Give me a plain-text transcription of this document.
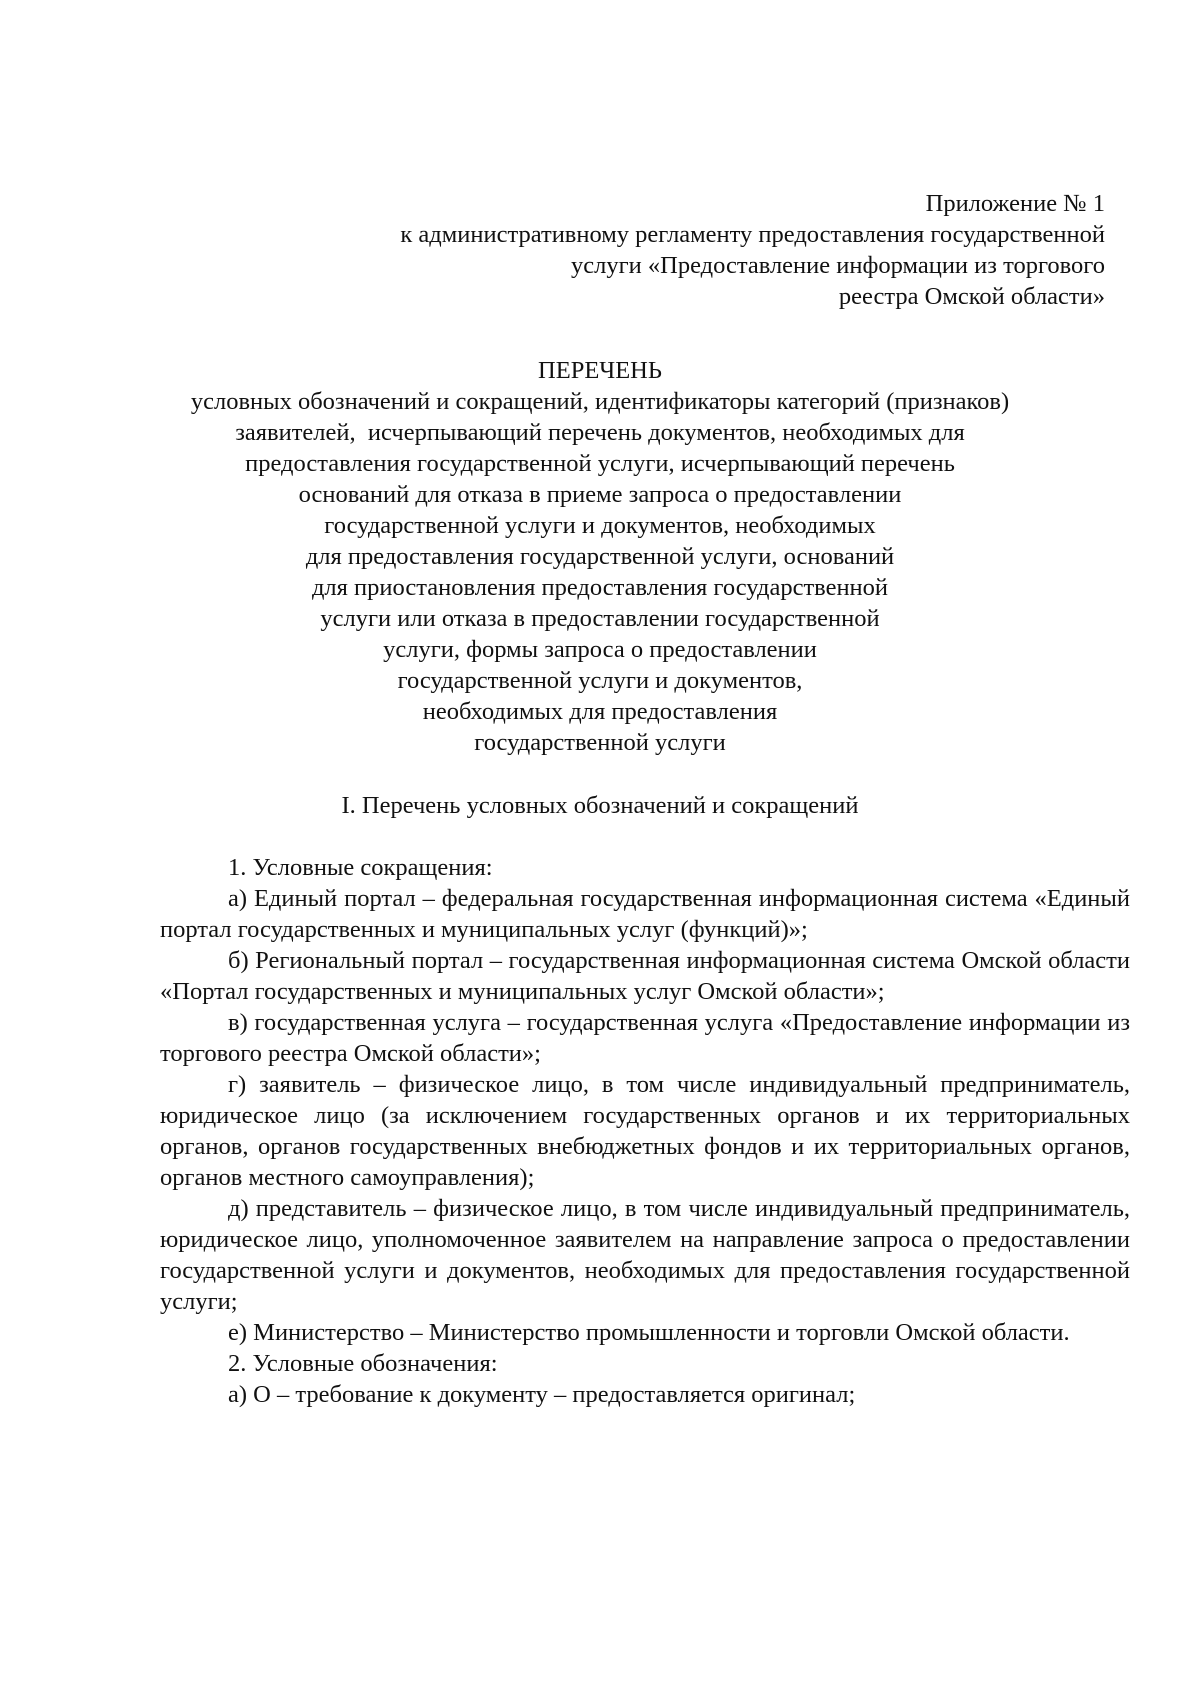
Приложение № 1
к административному регламенту предоставления государственной
услуги «Предоставление информации из торгового
реестра Омской области»
ПЕРЕЧЕНЬ
условных обозначений и сокращений, идентификаторы категорий (признаков)
заявителей,  исчерпывающий перечень документов, необходимых для
предоставления государственной услуги, исчерпывающий перечень
оснований для отказа в приеме запроса о предоставлении
государственной услуги и документов, необходимых
для предоставления государственной услуги, оснований
для приостановления предоставления государственной
услуги или отказа в предоставлении государственной
услуги, формы запроса о предоставлении
государственной услуги и документов,
необходимых для предоставления
государственной услуги
I. Перечень условных обозначений и сокращений
1. Условные сокращения:
а) Единый портал – федеральная государственная информационная система «Единый портал государственных и муниципальных услуг (функций)»;
б) Региональный портал – государственная информационная система Омской области «Портал государственных и муниципальных услуг Омской области»;
в) государственная услуга – государственная услуга «Предоставление информации из торгового реестра Омской области»;
г) заявитель – физическое лицо, в том числе индивидуальный предприниматель, юридическое лицо (за исключением государственных органов и их территориальных органов, органов государственных внебюджетных фондов и их территориальных органов, органов местного самоуправления);
д) представитель – физическое лицо, в том числе индивидуальный предприниматель, юридическое лицо, уполномоченное заявителем на направление запроса о предоставлении государственной услуги и документов, необходимых для предоставления государственной услуги;
е) Министерство – Министерство промышленности и торговли Омской области.
2. Условные обозначения:
а) О – требование к документу – предоставляется оригинал;
